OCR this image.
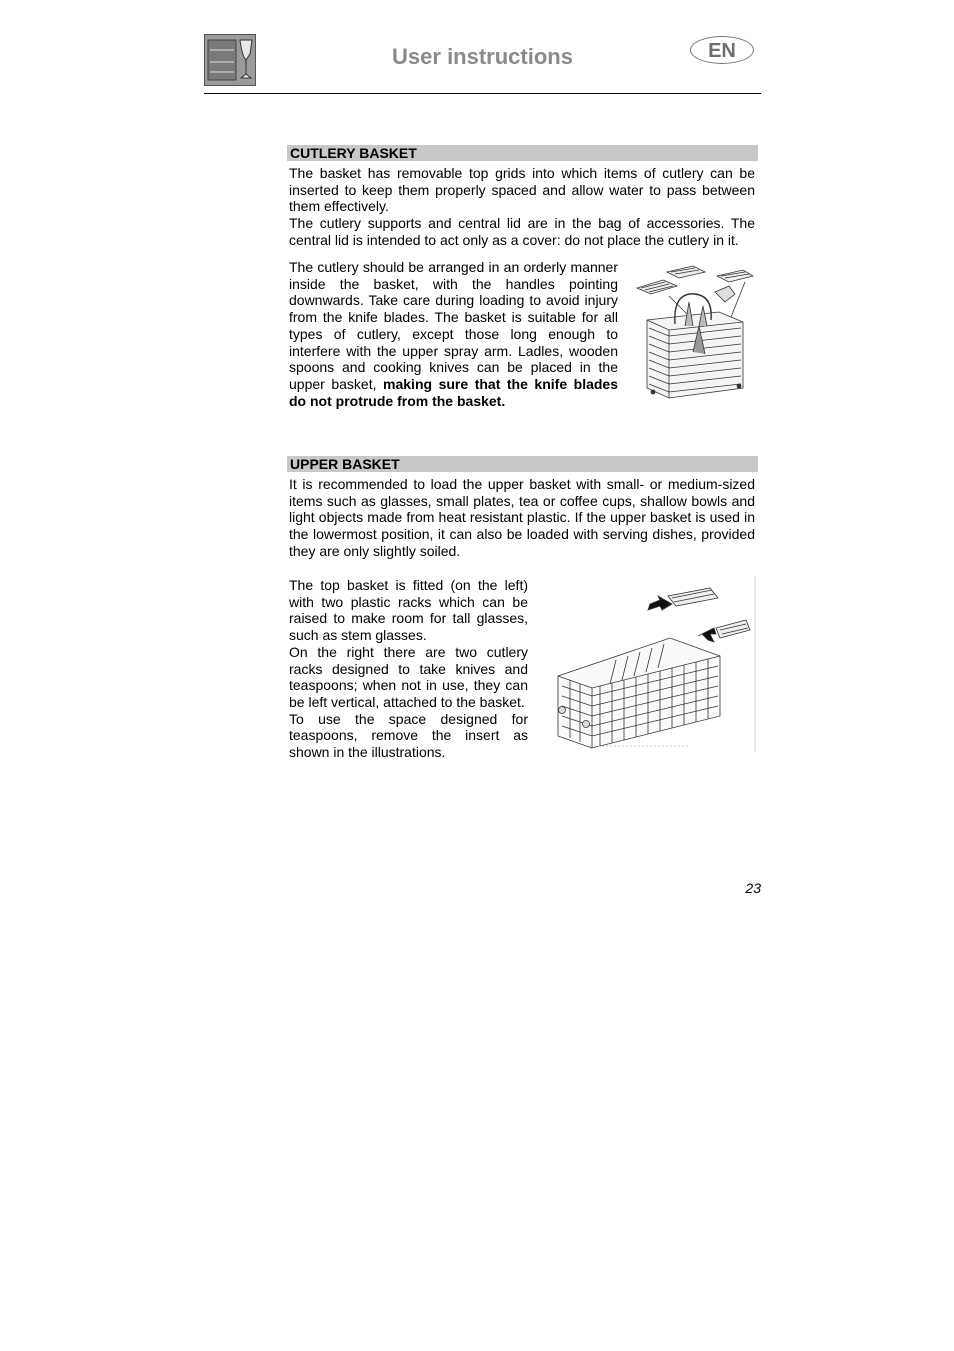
User instructions	EN
CUTLERY BASKET

The basket has removable top grids into which items of cutlery can be inserted to keep them properly spaced and allow water to pass between them effectively.

The cutlery supports and central lid are in the bag of accessories. The central lid is intended to act only as a cover: do not place the cutlery in it.

The cutlery should be arranged in an orderly manner inside the basket, with the handles pointing downwards. Take care during loading to avoid injury from the knife blades. The basket is suitable for all types of cutlery, except those long enough to interfere with the upper spray arm. Ladles, wooden spoons and cooking knives can be placed in the upper basket, making sure that the knife blades do not protrude from the basket.

UPPER BASKET

It is recommended to load the upper basket with small- or medium-sized items such as glasses, small plates, tea or coffee cups, shallow bowls and light objects made from heat resistant plastic. If the upper basket is used in the lowermost position, it can also be loaded with serving dishes, provided they are only slightly soiled.

The top basket is fitted (on the left) with two plastic racks which can be raised to make room for tall glasses, such as stem glasses.

On the right there are two cutlery racks designed to take knives and teaspoons; when not in use, they can be left vertical, attached to the basket.

To use the space designed for teaspoons, remove the insert as shown in the illustrations.

23
